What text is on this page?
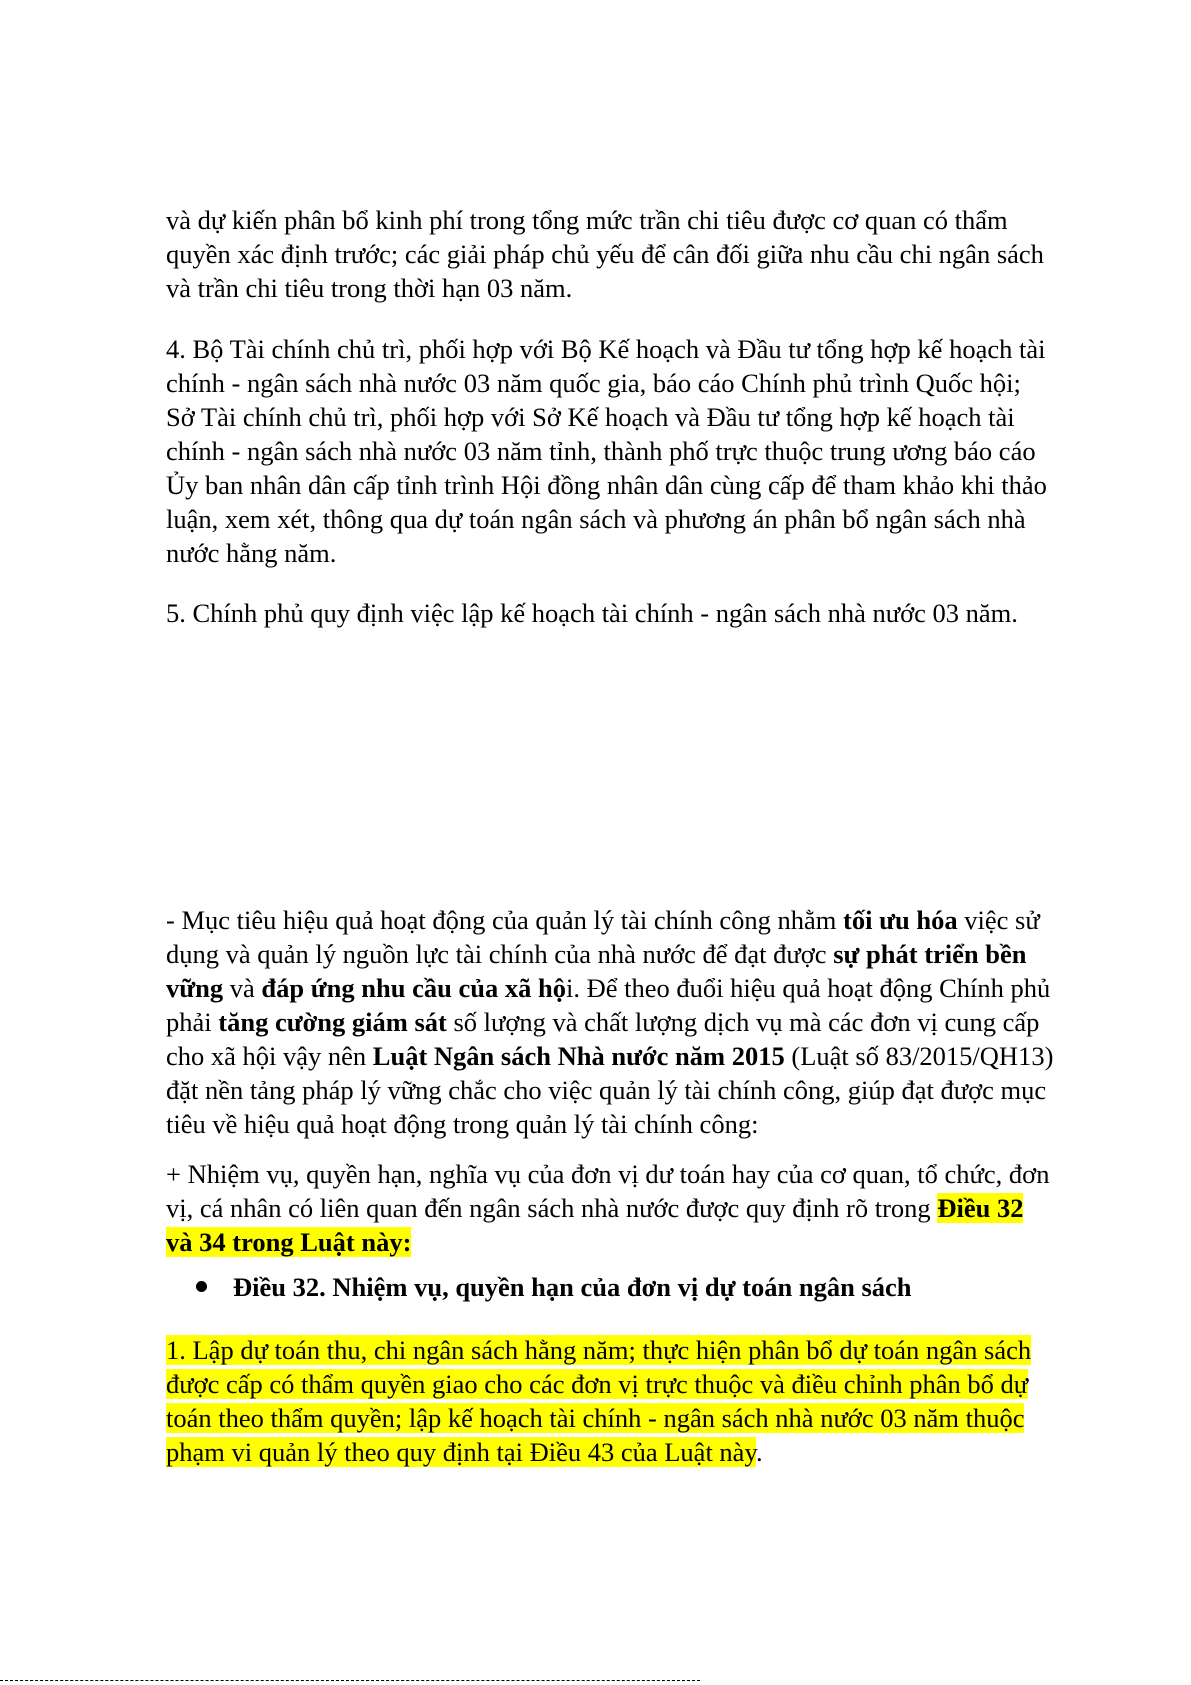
và dự kiến phân bổ kinh phí trong tổng mức trần chi tiêu được cơ quan có thẩm
quyền xác định trước; các giải pháp chủ yếu để cân đối giữa nhu cầu chi ngân sách
và trần chi tiêu trong thời hạn 03 năm.
4. Bộ Tài chính chủ trì, phối hợp với Bộ Kế hoạch và Đầu tư tổng hợp kế hoạch tài
chính - ngân sách nhà nước 03 năm quốc gia, báo cáo Chính phủ trình Quốc hội;
Sở Tài chính chủ trì, phối hợp với Sở Kế hoạch và Đầu tư tổng hợp kế hoạch tài
chính - ngân sách nhà nước 03 năm tỉnh, thành phố trực thuộc trung ương báo cáo
Ủy ban nhân dân cấp tỉnh trình Hội đồng nhân dân cùng cấp để tham khảo khi thảo
luận, xem xét, thông qua dự toán ngân sách và phương án phân bổ ngân sách nhà
nước hằng năm.
5. Chính phủ quy định việc lập kế hoạch tài chính - ngân sách nhà nước 03 năm.
- Mục tiêu hiệu quả hoạt động của quản lý tài chính công nhằm tối ưu hóa việc sử
dụng và quản lý nguồn lực tài chính của nhà nước để đạt được sự phát triển bền
vững và đáp ứng nhu cầu của xã hội. Để theo đuổi hiệu quả hoạt động Chính phủ
phải tăng cường giám sát số lượng và chất lượng dịch vụ mà các đơn vị cung cấp
cho xã hội vậy nên Luật Ngân sách Nhà nước năm 2015 (Luật số 83/2015/QH13)
đặt nền tảng pháp lý vững chắc cho việc quản lý tài chính công, giúp đạt được mục
tiêu về hiệu quả hoạt động trong quản lý tài chính công:
+ Nhiệm vụ, quyền hạn, nghĩa vụ của đơn vị dư toán hay của cơ quan, tổ chức, đơn
vị, cá nhân có liên quan đến ngân sách nhà nước được quy định rõ trong Điều 32
và 34 trong Luật này:
Điều 32. Nhiệm vụ, quyền hạn của đơn vị dự toán ngân sách
1. Lập dự toán thu, chi ngân sách hằng năm; thực hiện phân bổ dự toán ngân sách
được cấp có thẩm quyền giao cho các đơn vị trực thuộc và điều chỉnh phân bổ dự
toán theo thẩm quyền; lập kế hoạch tài chính - ngân sách nhà nước 03 năm thuộc
phạm vi quản lý theo quy định tại Điều 43 của Luật này.
